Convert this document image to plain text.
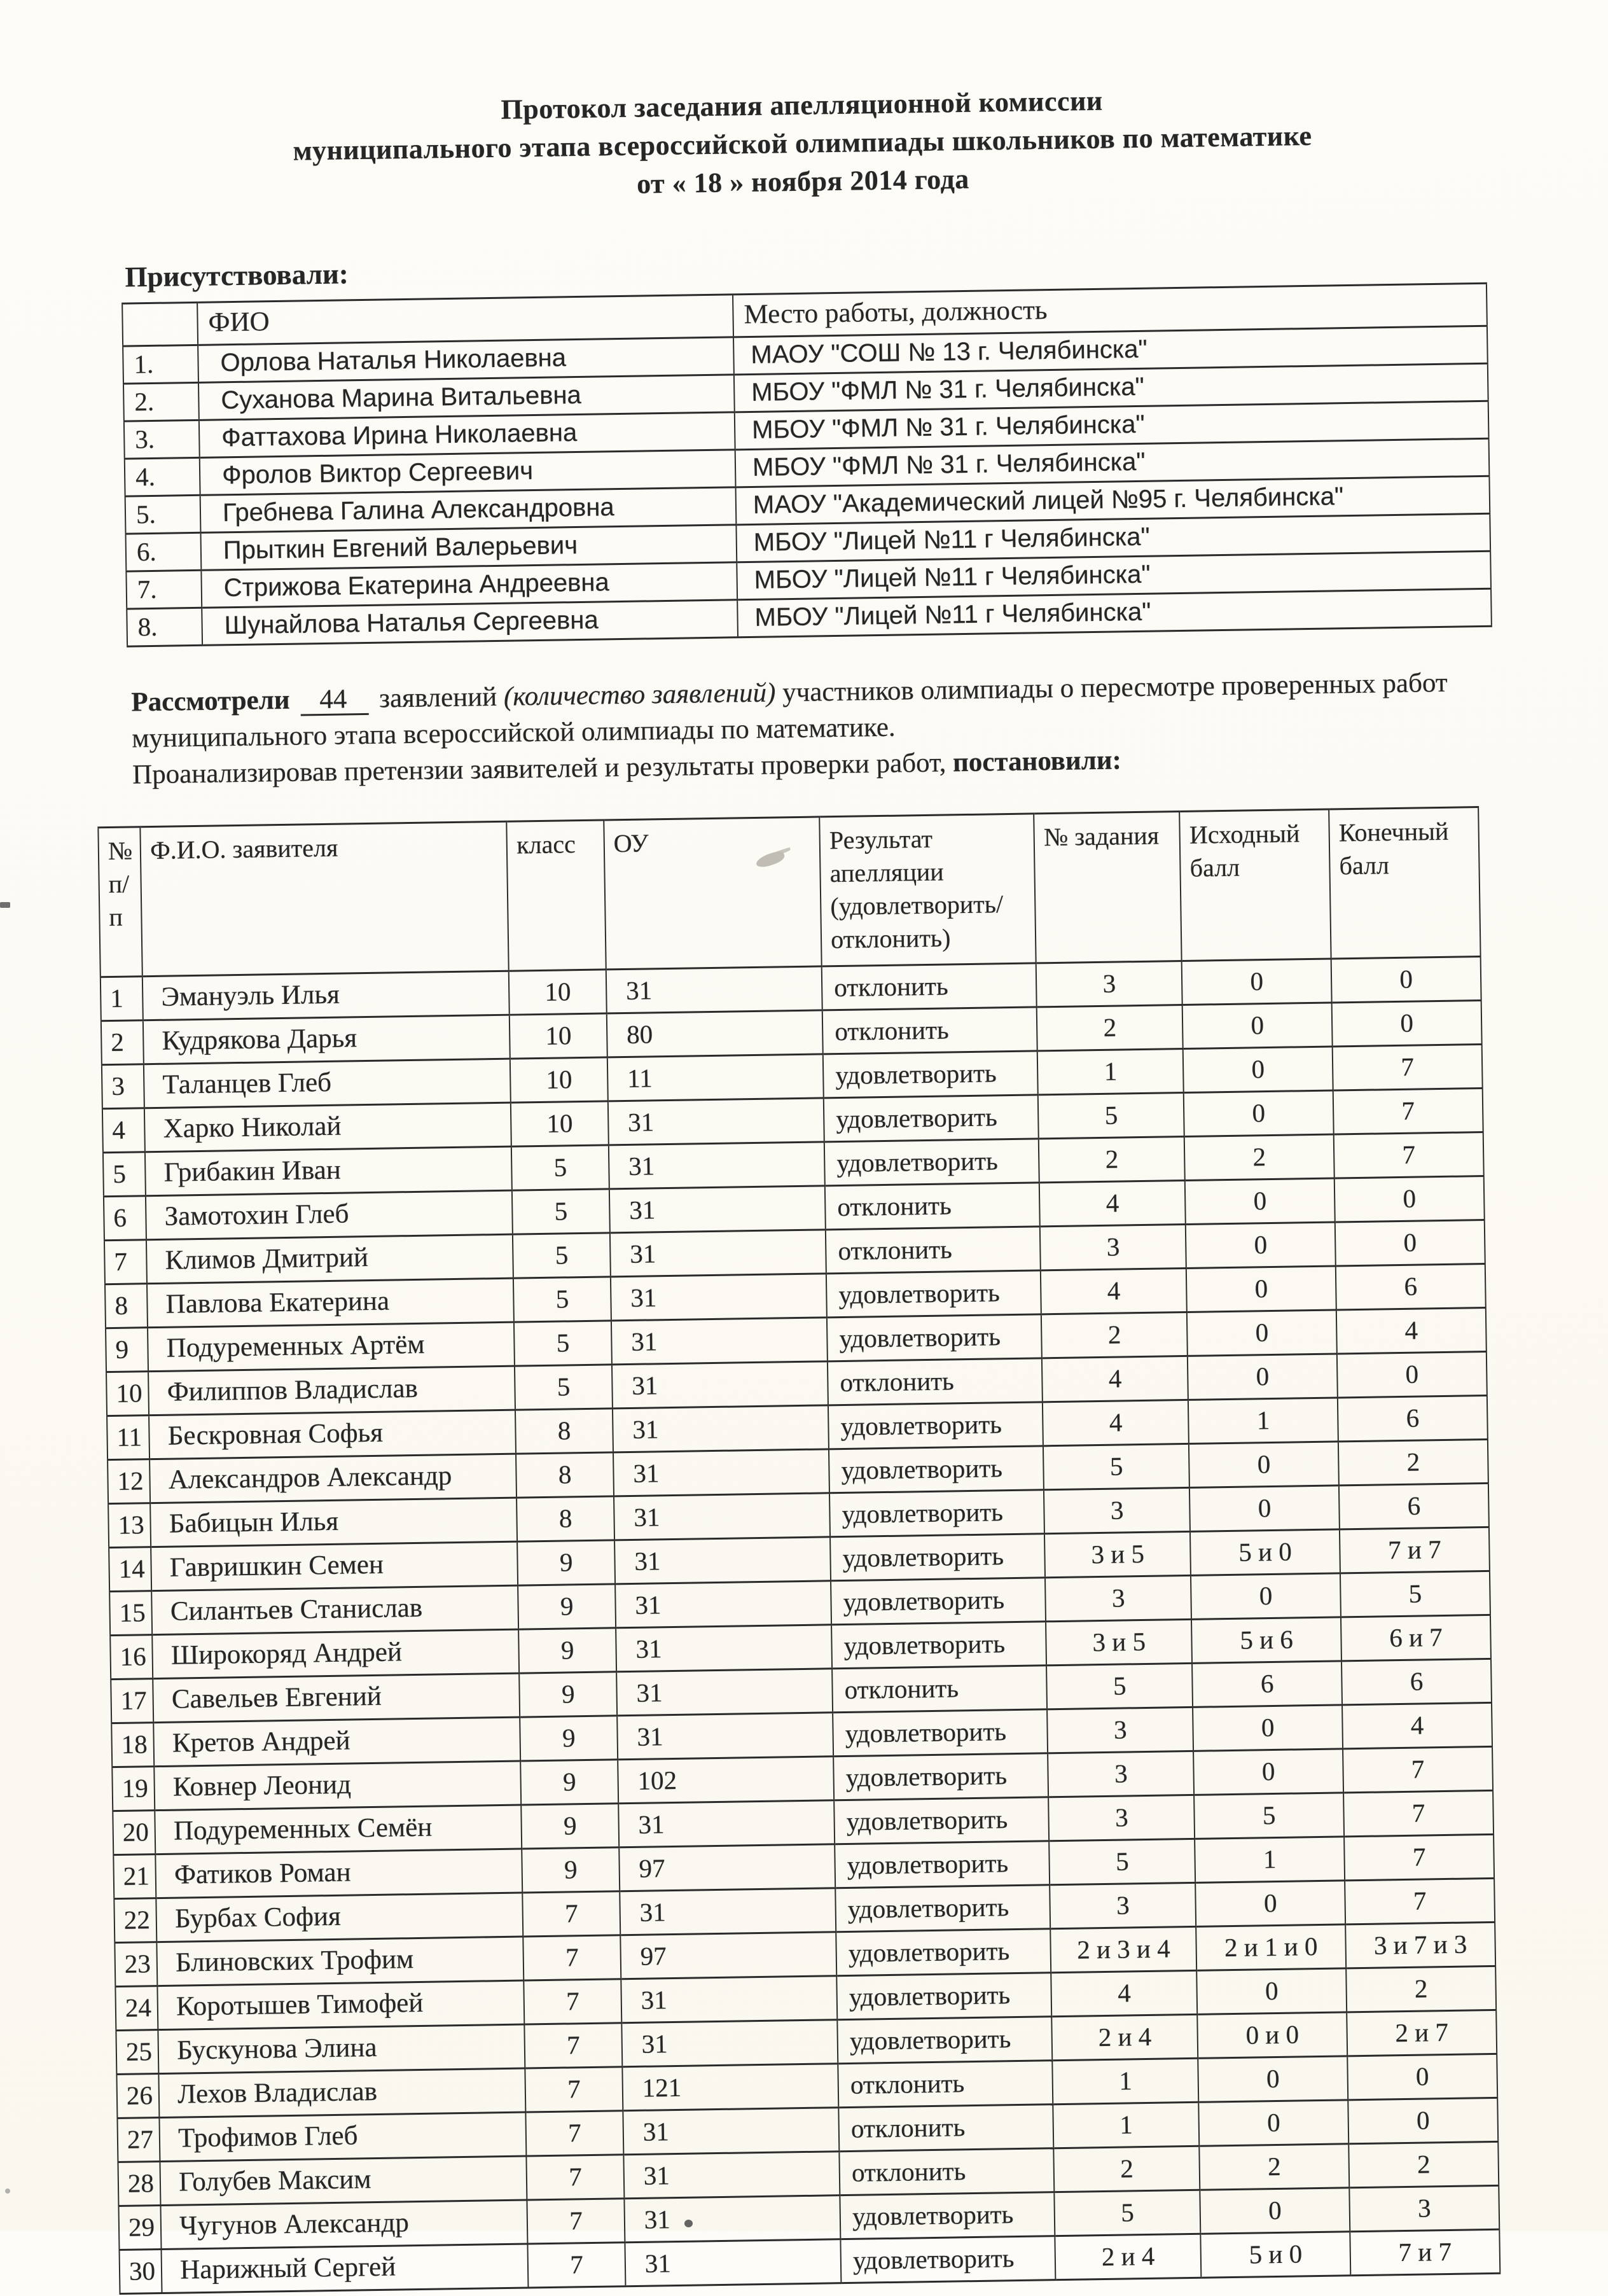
Протокол заседания апелляционной комиссии
муниципального этапа всероссийской олимпиады школьников по математике
от « 18 » ноября 2014 года
Присутствовали:
	ФИО	Место работы, должность
1.	Орлова Наталья Николаевна	МАОУ "СОШ № 13 г. Челябинска"
2.	Суханова Марина Витальевна	МБОУ "ФМЛ № 31 г. Челябинска"
3.	Фаттахова Ирина Николаевна	МБОУ "ФМЛ № 31 г. Челябинска"
4.	Фролов Виктор Сергеевич	МБОУ "ФМЛ № 31 г. Челябинска"
5.	Гребнева Галина Александровна	МАОУ "Академический лицей №95 г. Челябинска"
6.	Прыткин Евгений Валерьевич	МБОУ "Лицей №11 г Челябинска"
7.	Стрижова Екатерина Андреевна	МБОУ "Лицей №11 г Челябинска"
8.	Шунайлова Наталья Сергеевна	МБОУ "Лицей №11 г Челябинска"

Рассмотрели 44 заявлений (количество заявлений) участников олимпиады о пересмотре проверенных работ муниципального этапа всероссийской олимпиады по математике.

Проанализировав претензии заявителей и результаты проверки работ, постановили:

№
п/п	Ф.И.О. заявителя	класс	ОУ	Результат
апелляции
(удовлетворить/
отклонить)	№ задания	Исходный
балл	Конечный
балл
1	Эмануэль Илья	10	31	отклонить	3	0	0
2	Кудрякова Дарья	10	80	отклонить	2	0	0
3	Таланцев Глеб	10	11	удовлетворить	1	0	7
4	Харко Николай	10	31	удовлетворить	5	0	7
5	Грибакин Иван	5	31	удовлетворить	2	2	7
6	Замотохин Глеб	5	31	отклонить	4	0	0
7	Климов Дмитрий	5	31	отклонить	3	0	0
8	Павлова Екатерина	5	31	удовлетворить	4	0	6
9	Подуременных Артём	5	31	удовлетворить	2	0	4
10	Филиппов Владислав	5	31	отклонить	4	0	0
11	Бескровная Софья	8	31	удовлетворить	4	1	6
12	Александров Александр	8	31	удовлетворить	5	0	2
13	Бабицын Илья	8	31	удовлетворить	3	0	6
14	Гавришкин Семен	9	31	удовлетворить	3 и 5	5 и 0	7 и 7
15	Силантьев Станислав	9	31	удовлетворить	3	0	5
16	Широкоряд Андрей	9	31	удовлетворить	3 и 5	5 и 6	6 и 7
17	Савельев Евгений	9	31	отклонить	5	6	6
18	Кретов Андрей	9	31	удовлетворить	3	0	4
19	Ковнер Леонид	9	102	удовлетворить	3	0	7
20	Подуременных Семён	9	31	удовлетворить	3	5	7
21	Фатиков Роман	9	97	удовлетворить	5	1	7
22	Бурбах София	7	31	удовлетворить	3	0	7
23	Блиновских Трофим	7	97	удовлетворить	2 и 3 и 4	2 и 1 и 0	3 и 7 и 3
24	Коротышев Тимофей	7	31	удовлетворить	4	0	2
25	Бускунова Элина	7	31	удовлетворить	2 и 4	0 и 0	2 и 7
26	Лехов Владислав	7	121	отклонить	1	0	0
27	Трофимов Глеб	7	31	отклонить	1	0	0
28	Голубев Максим	7	31	отклонить	2	2	2
29	Чугунов Александр	7	31	удовлетворить	5	0	3
30	Нарижный Сергей	7	31	удовлетворить	2 и 4	5 и 0	7 и 7
